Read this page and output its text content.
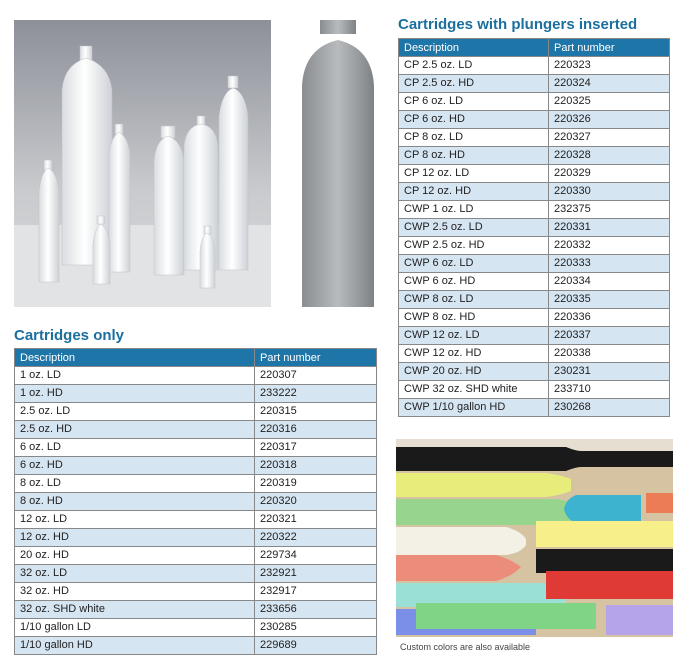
Cartridges with plungers inserted
Description	Part number
CP 2.5 oz. LD	220323
CP 2.5 oz. HD	220324
CP 6 oz. LD	220325
CP 6 oz. HD	220326
CP 8 oz. LD	220327
CP 8 oz. HD	220328
CP 12 oz. LD	220329
CP 12 oz. HD	220330
CWP 1 oz. LD	232375
CWP 2.5 oz. LD	220331
CWP 2.5 oz. HD	220332
CWP 6 oz. LD	220333
CWP 6 oz. HD	220334
CWP 8 oz. LD	220335
CWP 8 oz. HD	220336
CWP 12 oz. LD	220337
CWP 12 oz. HD	220338
CWP 20 oz. HD	230231
CWP 32 oz. SHD white	233710
CWP 1/10 gallon HD	230268
Cartridges only
Description	Part number
1 oz. LD	220307
1 oz. HD	233222
2.5 oz. LD	220315
2.5 oz. HD	220316
6 oz. LD	220317
6 oz. HD	220318
8 oz. LD	220319
8 oz. HD	220320
12 oz. LD	220321
12 oz. HD	220322
20 oz. HD	229734
32 oz. LD	232921
32 oz. HD	232917
32 oz. SHD white	233656
1/10 gallon LD	230285
1/10 gallon HD	229689	Custom colors are also available
